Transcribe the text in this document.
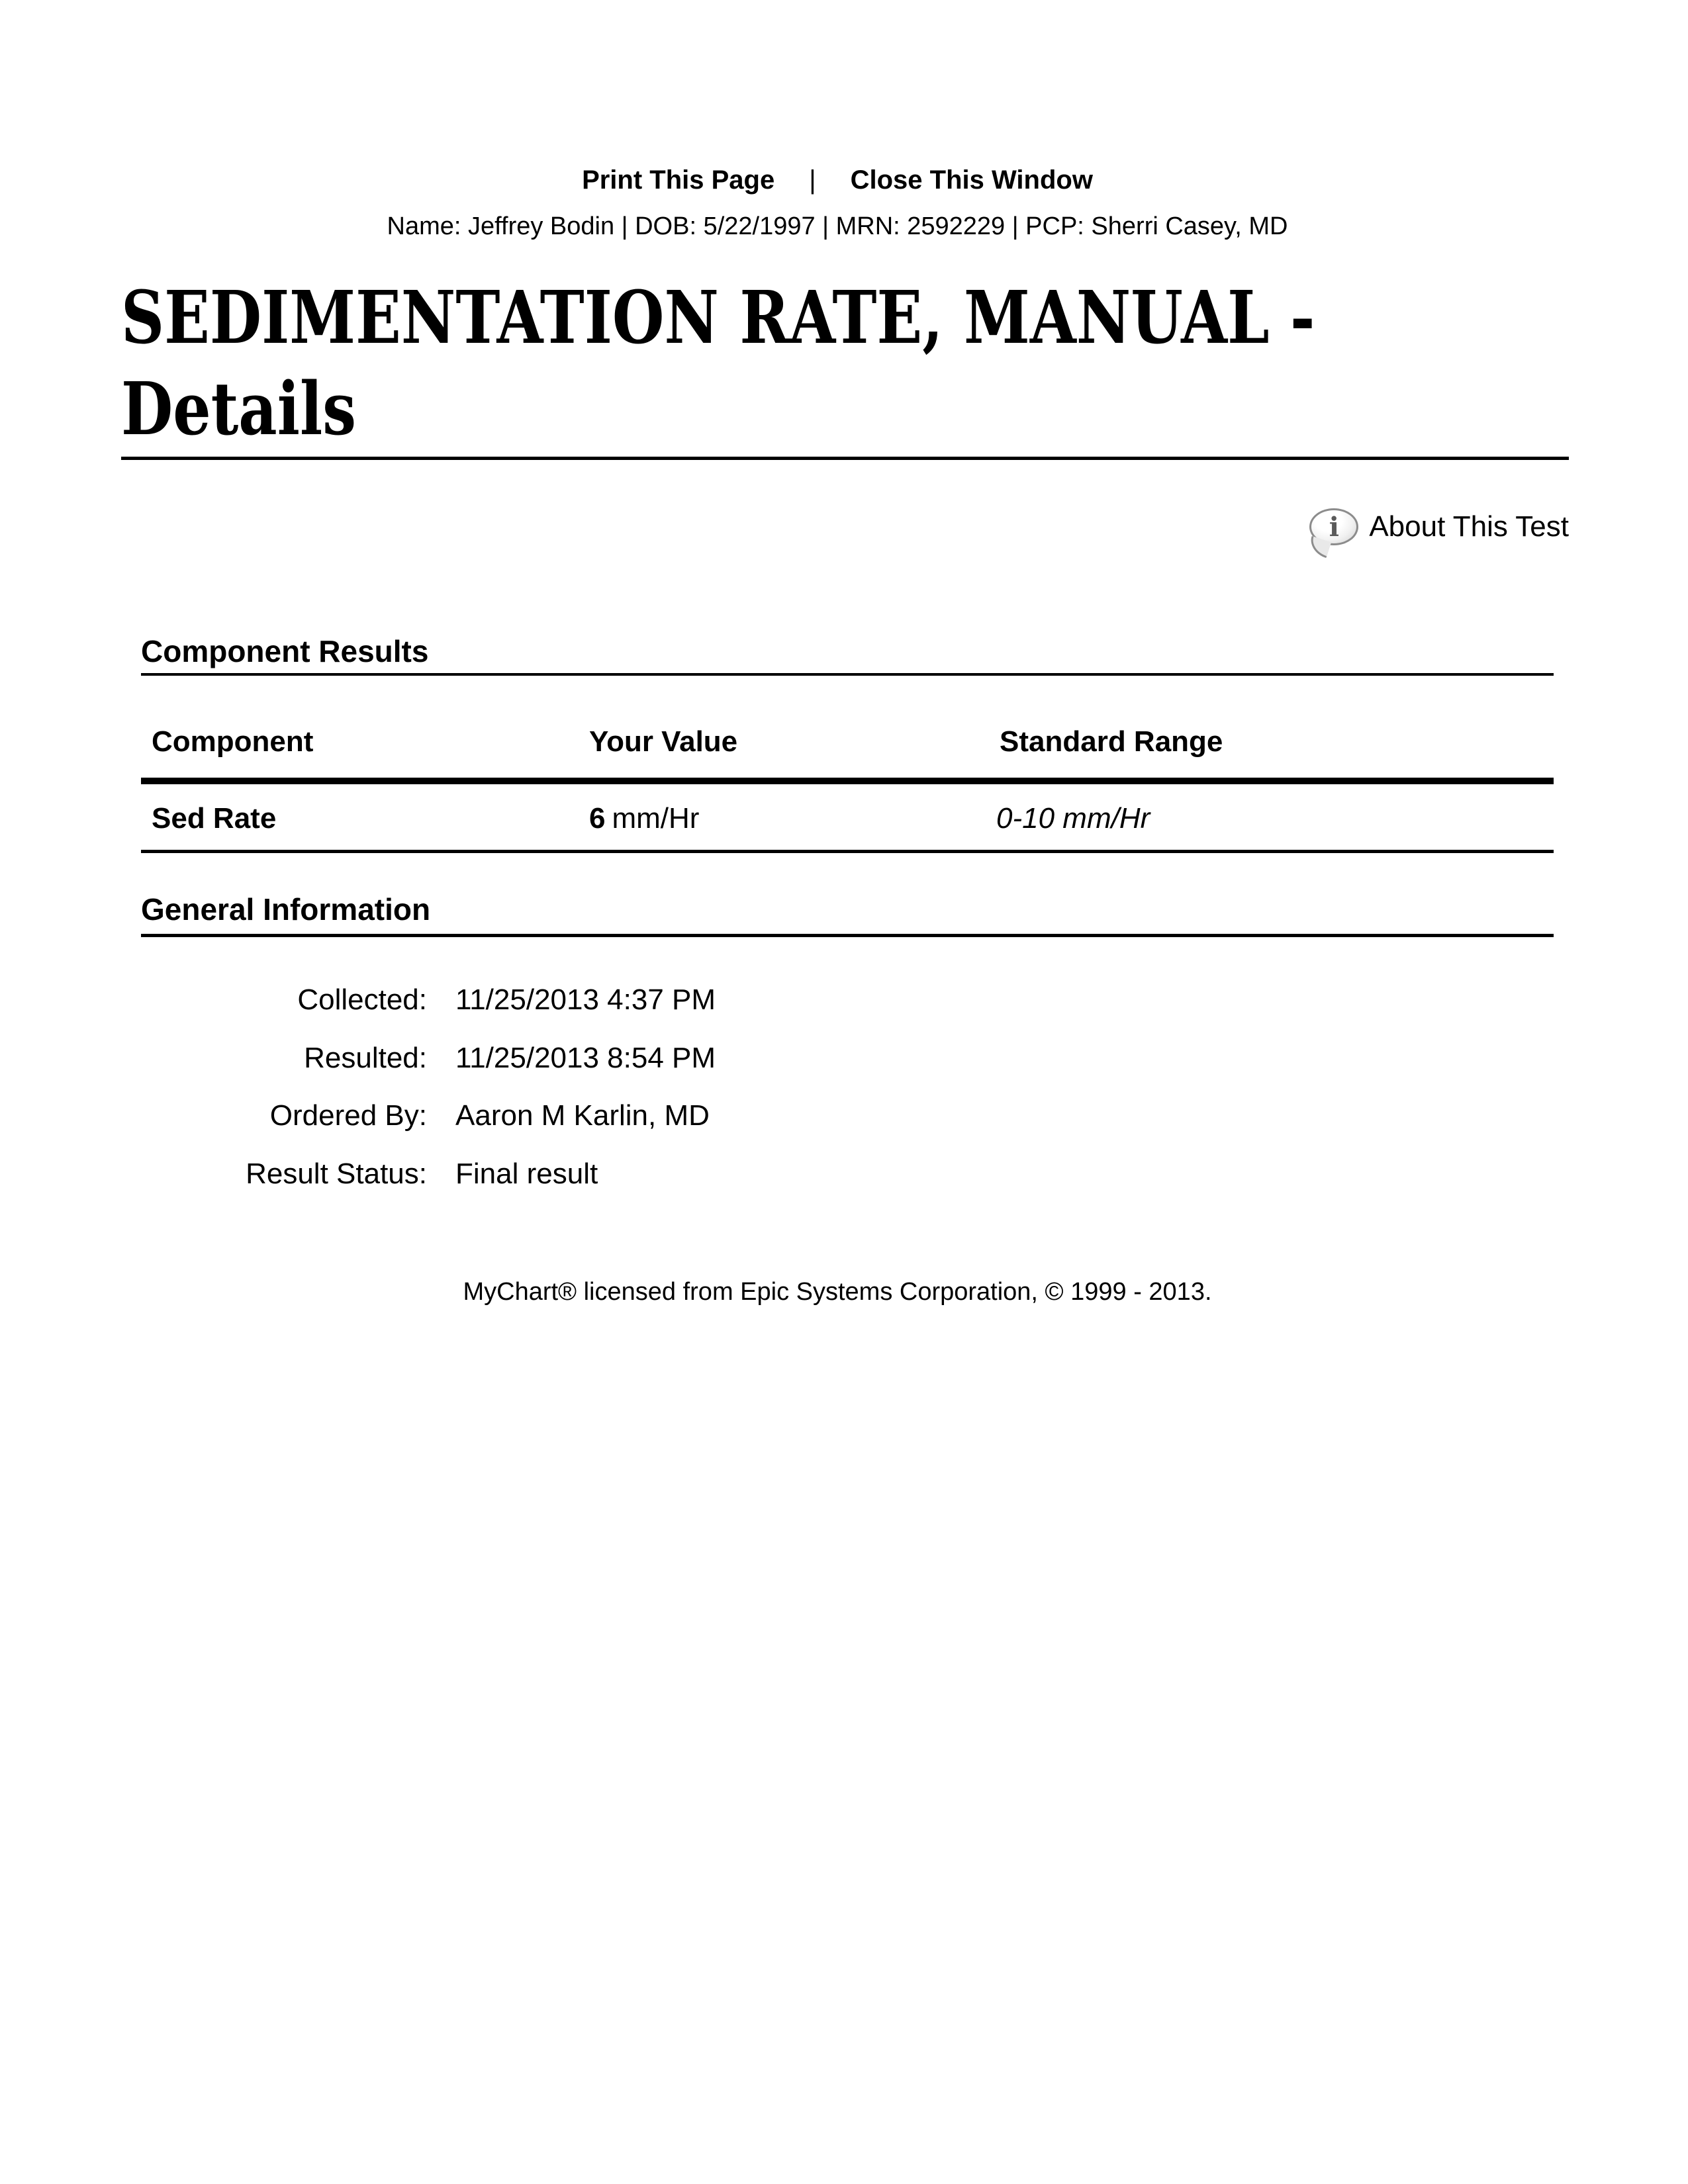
Print This Page | Close This Window
Name: Jeffrey Bodin | DOB: 5/22/1997 | MRN: 2592229 | PCP: Sherri Casey, MD
SEDIMENTATION RATE, MANUAL -
Details
i About This Test
Component Results
Component	Your Value	Standard Range
Sed Rate	6 mm/Hr	0-10 mm/Hr
General Information
Collected: 11/25/2013 4:37 PM
Resulted: 11/25/2013 8:54 PM
Ordered By: Aaron M Karlin, MD
Result Status: Final result
MyChart® licensed from Epic Systems Corporation, © 1999 - 2013.
